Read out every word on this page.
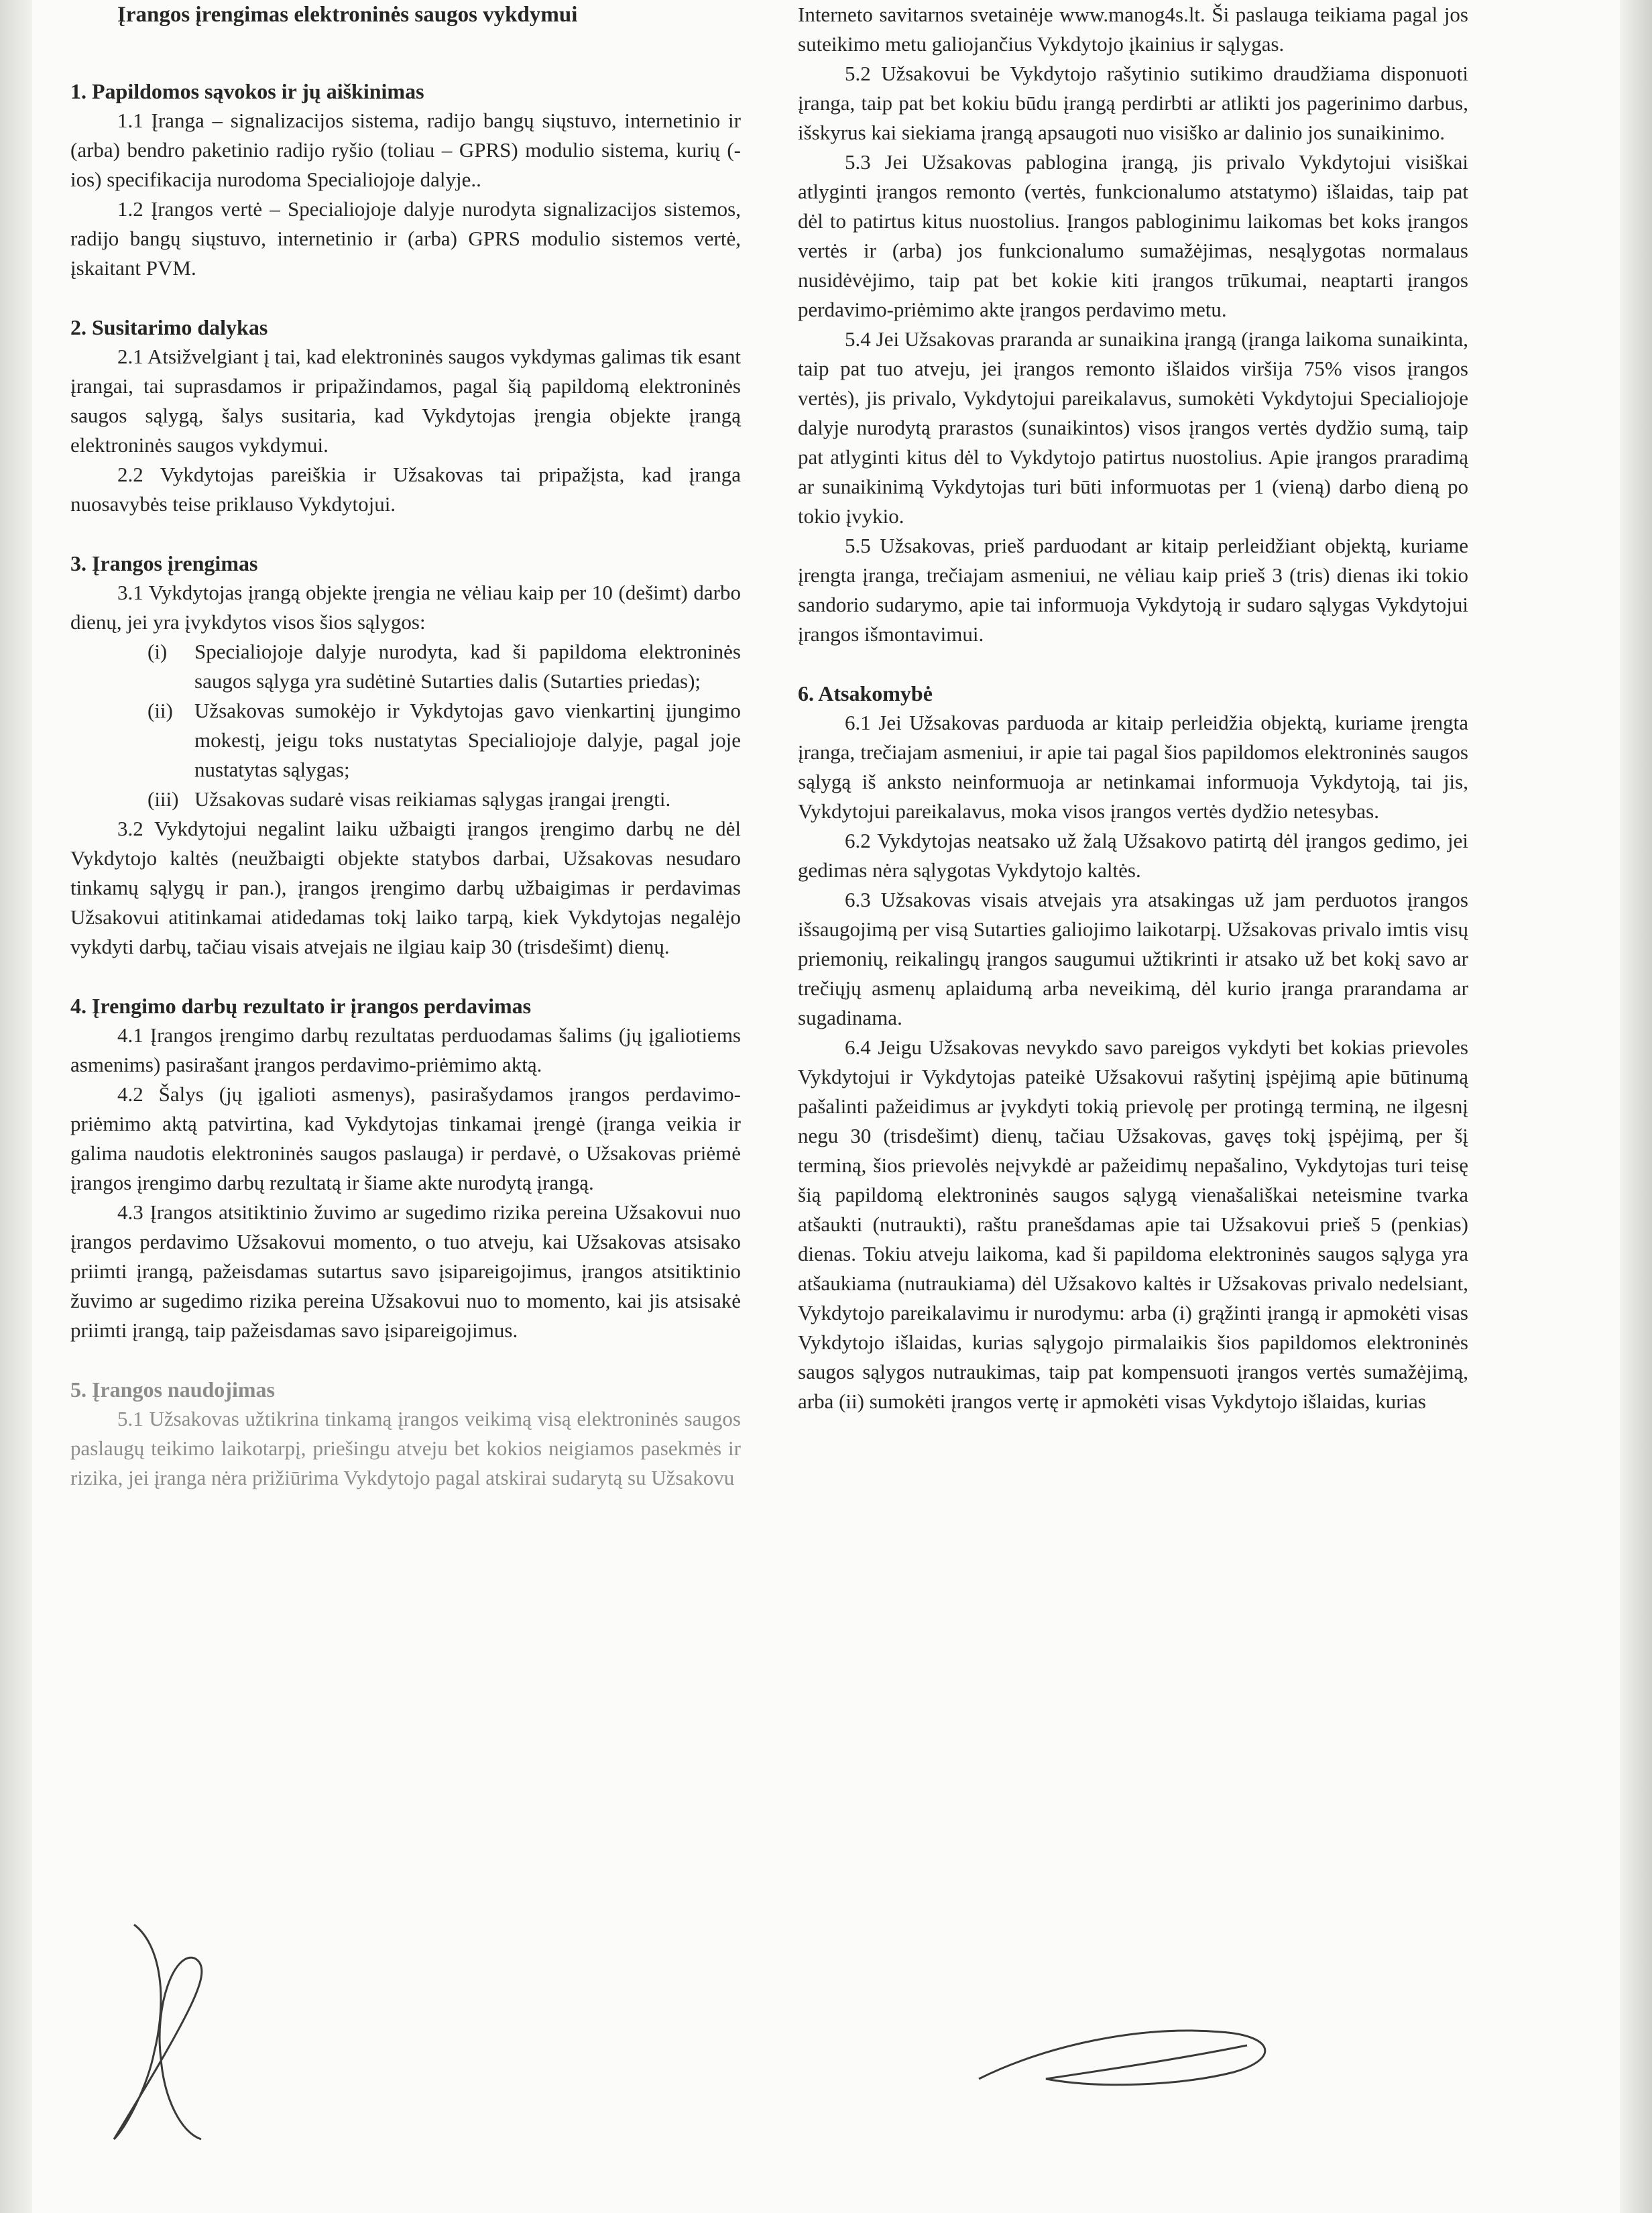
Įrangos įrengimas elektroninės saugos vykdymui
1. Papildomos sąvokos ir jų aiškinimas

1.1 Įranga – signalizacijos sistema, radijo bangų siųstuvo, internetinio ir (arba) bendro paketinio radijo ryšio (toliau – GPRS) modulio sistema, kurių (-ios) specifikacija nurodoma Specialiojoje dalyje..

1.2 Įrangos vertė – Specialiojoje dalyje nurodyta signalizacijos sistemos, radijo bangų siųstuvo, internetinio ir (arba) GPRS modulio sistemos vertė, įskaitant PVM.

2. Susitarimo dalykas

2.1 Atsižvelgiant į tai, kad elektroninės saugos vykdymas galimas tik esant įrangai, tai suprasdamos ir pripažindamos, pagal šią papildomą elektroninės saugos sąlygą, šalys susitaria, kad Vykdytojas įrengia objekte įrangą elektroninės saugos vykdymui.

2.2 Vykdytojas pareiškia ir Užsakovas tai pripažįsta, kad įranga nuosavybės teise priklauso Vykdytojui.

3. Įrangos įrengimas

3.1 Vykdytojas įrangą objekte įrengia ne vėliau kaip per 10 (dešimt) darbo dienų, jei yra įvykdytos visos šios sąlygos:

(i)	Specialiojoje dalyje nurodyta, kad ši papildoma elektroninės saugos sąlyga yra sudėtinė Sutarties dalis (Sutarties priedas);
(ii)	Užsakovas sumokėjo ir Vykdytojas gavo vienkartinį įjungimo mokestį, jeigu toks nustatytas Specialiojoje dalyje, pagal joje nustatytas sąlygas;
(iii) Užsakovas sudarė visas reikiamas sąlygas įrangai įrengti.

3.2 Vykdytojui negalint laiku užbaigti įrangos įrengimo darbų ne dėl Vykdytojo kaltės (neužbaigti objekte statybos darbai, Užsakovas nesudaro tinkamų sąlygų ir pan.), įrangos įrengimo darbų užbaigimas ir perdavimas Užsakovui atitinkamai atidedamas tokį laiko tarpą, kiek Vykdytojas negalėjo vykdyti darbų, tačiau visais atvejais ne ilgiau kaip 30 (trisdešimt) dienų.

4. Įrengimo darbų rezultato ir įrangos perdavimas

4.1 Įrangos įrengimo darbų rezultatas perduodamas šalims (jų įgaliotiems asmenims) pasirašant įrangos perdavimo-priėmimo aktą.

4.2 Šalys (jų įgalioti asmenys), pasirašydamos įrangos perdavimo-priėmimo aktą patvirtina, kad Vykdytojas tinkamai įrengė (įranga veikia ir galima naudotis elektroninės saugos paslauga) ir perdavė, o Užsakovas priėmė įrangos įrengimo darbų rezultatą ir šiame akte nurodytą įrangą.

4.3 Įrangos atsitiktinio žuvimo ar sugedimo rizika pereina Užsakovui nuo įrangos perdavimo Užsakovui momento, o tuo atveju, kai Užsakovas atsisako priimti įrangą, pažeisdamas sutartus savo įsipareigojimus, įrangos atsitiktinio žuvimo ar sugedimo rizika pereina Užsakovui nuo to momento, kai jis atsisakė priimti įrangą, taip pažeisdamas savo įsipareigojimus.

5. Įrangos naudojimas

5.1 Užsakovas užtikrina tinkamą įrangos veikimą visą elektroninės saugos paslaugų teikimo laikotarpį, priešingu atveju bet kokios neigiamos pasekmės ir rizika, jei įranga nėra prižiūrima Vykdytojo pagal atskirai sudarytą su Užsakovu

Interneto savitarnos svetainėje www.manog4s.lt. Ši paslauga teikiama pagal jos suteikimo metu galiojančius Vykdytojo įkainius ir sąlygas.

5.2 Užsakovui be Vykdytojo rašytinio sutikimo draudžiama disponuoti įranga, taip pat bet kokiu būdu įrangą perdirbti ar atlikti jos pagerinimo darbus, išskyrus kai siekiama įrangą apsaugoti nuo visiško ar dalinio jos sunaikinimo.

5.3 Jei Užsakovas pablogina įrangą, jis privalo Vykdytojui visiškai atlyginti įrangos remonto (vertės, funkcionalumo atstatymo) išlaidas, taip pat dėl to patirtus kitus nuostolius. Įrangos pabloginimu laikomas bet koks įrangos vertės ir (arba) jos funkcionalumo sumažėjimas, nesąlygotas normalaus nusidėvėjimo, taip pat bet kokie kiti įrangos trūkumai, neaptarti įrangos perdavimo-priėmimo akte įrangos perdavimo metu.

5.4 Jei Užsakovas praranda ar sunaikina įrangą (įranga laikoma sunaikinta, taip pat tuo atveju, jei įrangos remonto išlaidos viršija 75% visos įrangos vertės), jis privalo, Vykdytojui pareikalavus, sumokėti Vykdytojui Specialiojoje dalyje nurodytą prarastos (sunaikintos) visos įrangos vertės dydžio sumą, taip pat atlyginti kitus dėl to Vykdytojo patirtus nuostolius. Apie įrangos praradimą ar sunaikinimą Vykdytojas turi būti informuotas per 1 (vieną) darbo dieną po tokio įvykio.

5.5 Užsakovas, prieš parduodant ar kitaip perleidžiant objektą, kuriame įrengta įranga, trečiajam asmeniui, ne vėliau kaip prieš 3 (tris) dienas iki tokio sandorio sudarymo, apie tai informuoja Vykdytoją ir sudaro sąlygas Vykdytojui įrangos išmontavimui.

6. Atsakomybė

6.1 Jei Užsakovas parduoda ar kitaip perleidžia objektą, kuriame įrengta įranga, trečiajam asmeniui, ir apie tai pagal šios papildomos elektroninės saugos sąlygą iš anksto neinformuoja ar netinkamai informuoja Vykdytoją, tai jis, Vykdytojui pareikalavus, moka visos įrangos vertės dydžio netesybas.

6.2 Vykdytojas neatsako už žalą Užsakovo patirtą dėl įrangos gedimo, jei gedimas nėra sąlygotas Vykdytojo kaltės.

6.3 Užsakovas visais atvejais yra atsakingas už jam perduotos įrangos išsaugojimą per visą Sutarties galiojimo laikotarpį. Užsakovas privalo imtis visų priemonių, reikalingų įrangos saugumui užtikrinti ir atsako už bet kokį savo ar trečiųjų asmenų aplaidumą arba neveikimą, dėl kurio įranga prarandama ar sugadinama.

6.4 Jeigu Užsakovas nevykdo savo pareigos vykdyti bet kokias prievoles Vykdytojui ir Vykdytojas pateikė Užsakovui rašytinį įspėjimą apie būtinumą pašalinti pažeidimus ar įvykdyti tokią prievolę per protingą terminą, ne ilgesnį negu 30 (trisdešimt) dienų, tačiau Užsakovas, gavęs tokį įspėjimą, per šį terminą, šios prievolės neįvykdė ar pažeidimų nepašalino, Vykdytojas turi teisę šią papildomą elektroninės saugos sąlygą vienašališkai neteismine tvarka atšaukti (nutraukti), raštu pranešdamas apie tai Užsakovui prieš 5 (penkias) dienas. Tokiu atveju laikoma, kad ši papildoma elektroninės saugos sąlyga yra atšaukiama (nutraukiama) dėl Užsakovo kaltės ir Užsakovas privalo nedelsiant, Vykdytojo pareikalavimu ir nurodymu: arba (i) grąžinti įrangą ir apmokėti visas Vykdytojo išlaidas, kurias sąlygojo pirmalaikis šios papildomos elektroninės saugos sąlygos nutraukimas, taip pat kompensuoti įrangos vertės sumažėjimą, arba (ii) sumokėti įrangos vertę ir apmokėti visas Vykdytojo išlaidas, kurias
